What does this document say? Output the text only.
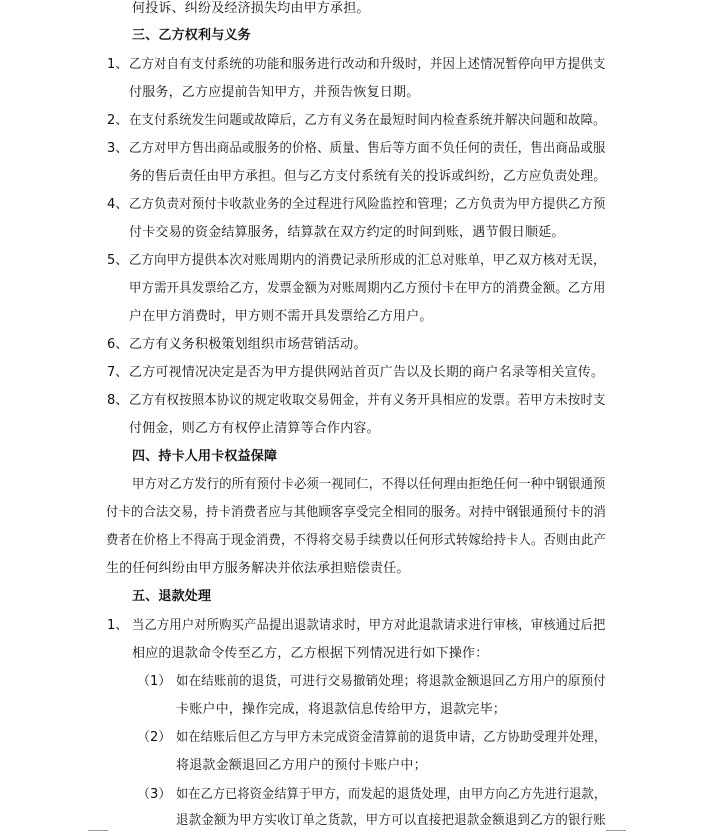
何投诉、纠纷及经济损失均由甲方承担。
三、乙方权利与义务
1、 乙方对自有支付系统的功能和服务进行改动和升级时，并因上述情况暂停向甲方提供支
付服务，乙方应提前告知甲方，并预告恢复日期。
2、 在支付系统发生问题或故障后，乙方有义务在最短时间内检查系统并解决问题和故障。
3、 乙方对甲方售出商品或服务的价格、质量、售后等方面不负任何的责任，售出商品或服
务的售后责任由甲方承担。但与乙方支付系统有关的投诉或纠纷，乙方应负责处理。
4、 乙方负责对预付卡收款业务的全过程进行风险监控和管理；乙方负责为甲方提供乙方预
付卡交易的资金结算服务，结算款在双方约定的时间到账，遇节假日顺延。
5、 乙方向甲方提供本次对账周期内的消费记录所形成的汇总对账单，甲乙双方核对无误，
甲方需开具发票给乙方，发票金额为对账周期内乙方预付卡在甲方的消费金额。乙方用
户在甲方消费时，甲方则不需开具发票给乙方用户。
6、 乙方有义务积极策划组织市场营销活动。
7、 乙方可视情况决定是否为甲方提供网站首页广告以及长期的商户名录等相关宣传。
8、 乙方有权按照本协议的规定收取交易佣金，并有义务开具相应的发票。若甲方未按时支
付佣金，则乙方有权停止清算等合作内容。
四、持卡人用卡权益保障
甲方对乙方发行的所有预付卡必须一视同仁，不得以任何理由拒绝任何一种中钢银通预
付卡的合法交易，持卡消费者应与其他顾客享受完全相同的服务。对持中钢银通预付卡的消
费者在价格上不得高于现金消费，不得将交易手续费以任何形式转嫁给持卡人。否则由此产
生的任何纠纷由甲方服务解决并依法承担赔偿责任。
五、退款处理
1、 当乙方用户对所购买产品提出退款请求时，甲方对此退款请求进行审核，审核通过后把
相应的退款命令传至乙方，乙方根据下列情况进行如下操作：
（1） 如在结账前的退货，可进行交易撤销处理；将退款金额退回乙方用户的原预付
卡账户中，操作完成，将退款信息传给甲方，退款完毕；
（2） 如在结账后但乙方与甲方未完成资金清算前的退货申请，乙方协助受理并处理，
将退款金额退回乙方用户的预付卡账户中；
（3） 如在乙方已将资金结算于甲方，而发起的退货处理，由甲方向乙方先进行退款，
退款金额为甲方实收订单之货款，甲方可以直接把退款金额退到乙方的银行账
